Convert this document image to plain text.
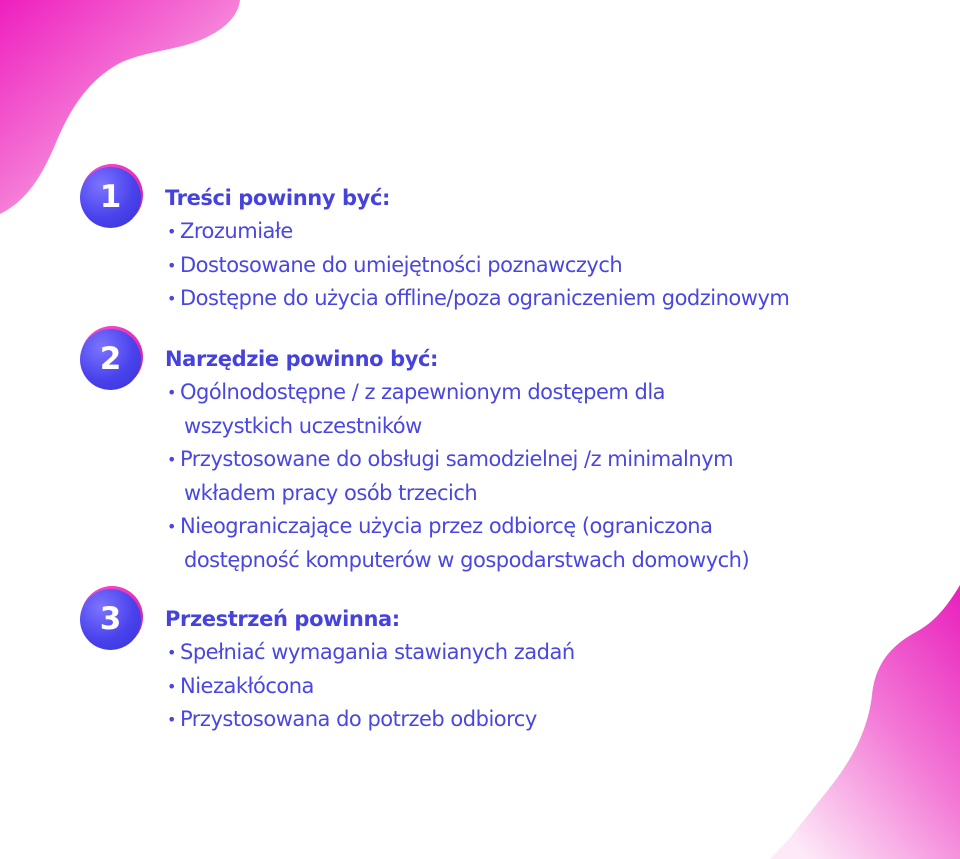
1	Treści powinny być:

• Zrozumiałe
• Dostosowane do umiejętności poznawczych
• Dostępne do użycia offline/poza ograniczeniem godzinowym
2	Narzędzie powinno być:

• Ogólnodostępne / z zapewnionym dostępem dla
wszystkich uczestników
• Przystosowane do obsługi samodzielnej /z minimalnym
wkładem pracy osób trzecich
• Nieograniczające użycia przez odbiorcę (ograniczona
dostępność komputerów w gospodarstwach domowych)
3	Przestrzeń powinna:

• Spełniać wymagania stawianych zadań
• Niezakłócona
• Przystosowana do potrzeb odbiorcy
